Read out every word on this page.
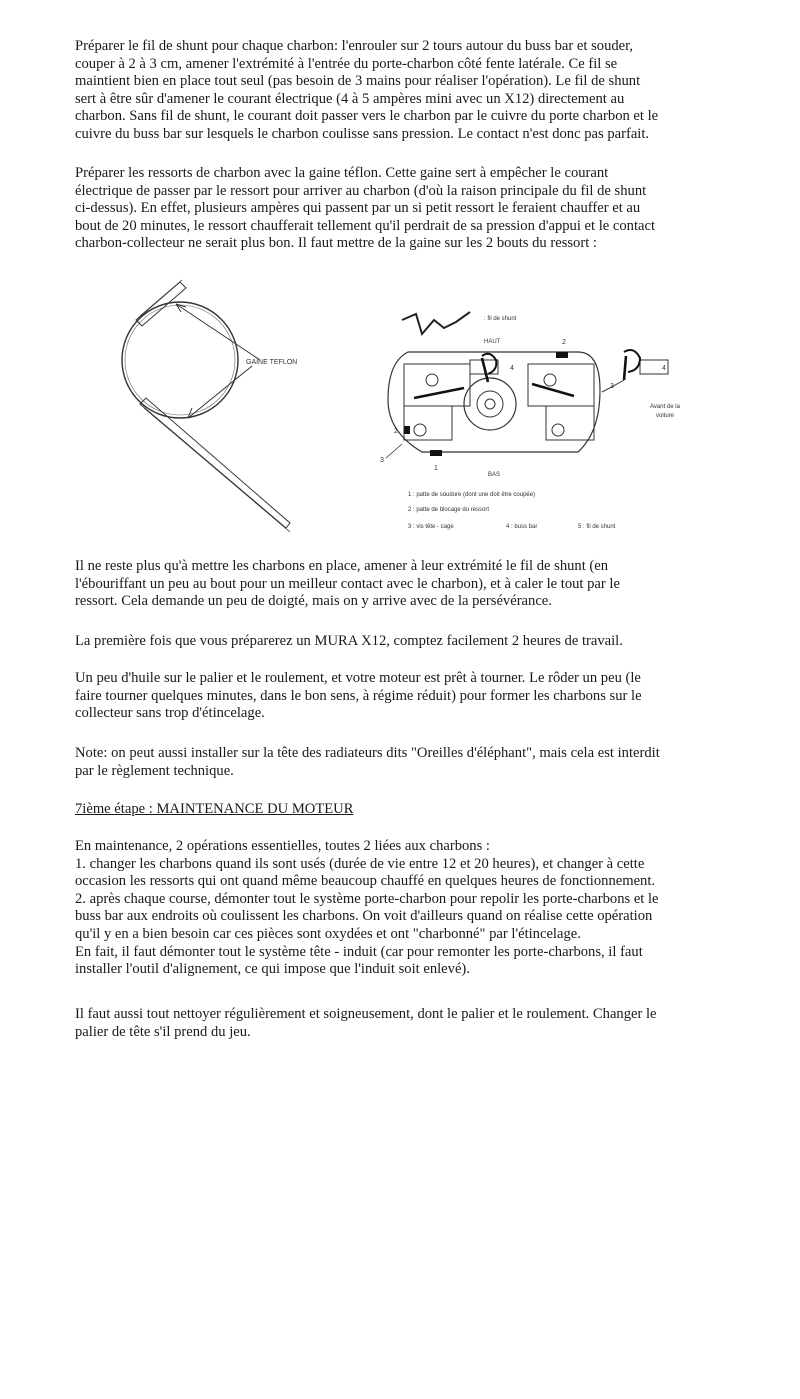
Préparer le fil de shunt pour chaque charbon: l'enrouler sur 2 tours autour du buss bar et souder,
couper à 2 à 3 cm, amener l'extrémité à l'entrée du porte-charbon côté fente latérale. Ce fil se
maintient bien en place tout seul (pas besoin de 3 mains pour réaliser l'opération). Le fil de shunt
sert à être sûr d'amener le courant électrique (4 à 5 ampères mini avec un X12) directement au
charbon. Sans fil de shunt, le courant doit passer vers le charbon par le cuivre du porte charbon et le
cuivre du buss bar sur lesquels le charbon coulisse sans pression. Le contact n'est donc pas parfait.

Préparer les ressorts de charbon avec la gaine téflon. Cette gaine sert à empêcher le courant
électrique de passer par le ressort pour arriver au charbon (d'où la raison principale du fil de shunt
ci-dessus). En effet, plusieurs ampères qui passent par un si petit ressort le feraient chauffer et au
bout de 20 minutes, le ressort chaufferait tellement qu'il perdrait de sa pression d'appui et le contact
charbon-collecteur ne serait plus bon. Il faut mettre de la gaine sur les 2 bouts du ressort :

GAINE TEFLON
: fil de shunt
HAUT	2
4	4
3
Avant de la
voiture
2
3
1
BAS
1 : patte de soudure (dont une doit être coupée)
2 : patte de blocage du ressort
3 : vis tête - cage	4 : buss bar	5 : fil de shunt

Il ne reste plus qu'à mettre les charbons en place, amener à leur extrémité le fil de shunt (en
l'ébouriffant un peu au bout pour un meilleur contact avec le charbon), et à caler le tout par le
ressort. Cela demande un peu de doigté, mais on y arrive avec de la persévérance.

La première fois que vous préparerez un MURA X12, comptez facilement 2 heures de travail.

Un peu d'huile sur le palier et le roulement, et votre moteur est prêt à tourner. Le rôder un peu (le
faire tourner quelques minutes, dans le bon sens, à régime réduit) pour former les charbons sur le
collecteur sans trop d'étincelage.

Note: on peut aussi installer sur la tête des radiateurs dits "Oreilles d'éléphant", mais cela est interdit
par le règlement technique.

7ième étape : MAINTENANCE DU MOTEUR

En maintenance, 2 opérations essentielles, toutes 2 liées aux charbons :
1. changer les charbons quand ils sont usés (durée de vie entre 12 et 20 heures), et changer à cette
occasion les ressorts qui ont quand même beaucoup chauffé en quelques heures de fonctionnement.
2. après chaque course, démonter tout le système porte-charbon pour repolir les porte-charbons et le
buss bar aux endroits où coulissent les charbons. On voit d'ailleurs quand on réalise cette opération
qu'il y en a bien besoin car ces pièces sont oxydées et ont "charbonné" par l'étincelage.
En fait, il faut démonter tout le système tête - induit (car pour remonter les porte-charbons, il faut
installer l'outil d'alignement, ce qui impose que l'induit soit enlevé).

Il faut aussi tout nettoyer régulièrement et soigneusement, dont le palier et le roulement. Changer le
palier de tête s'il prend du jeu.
